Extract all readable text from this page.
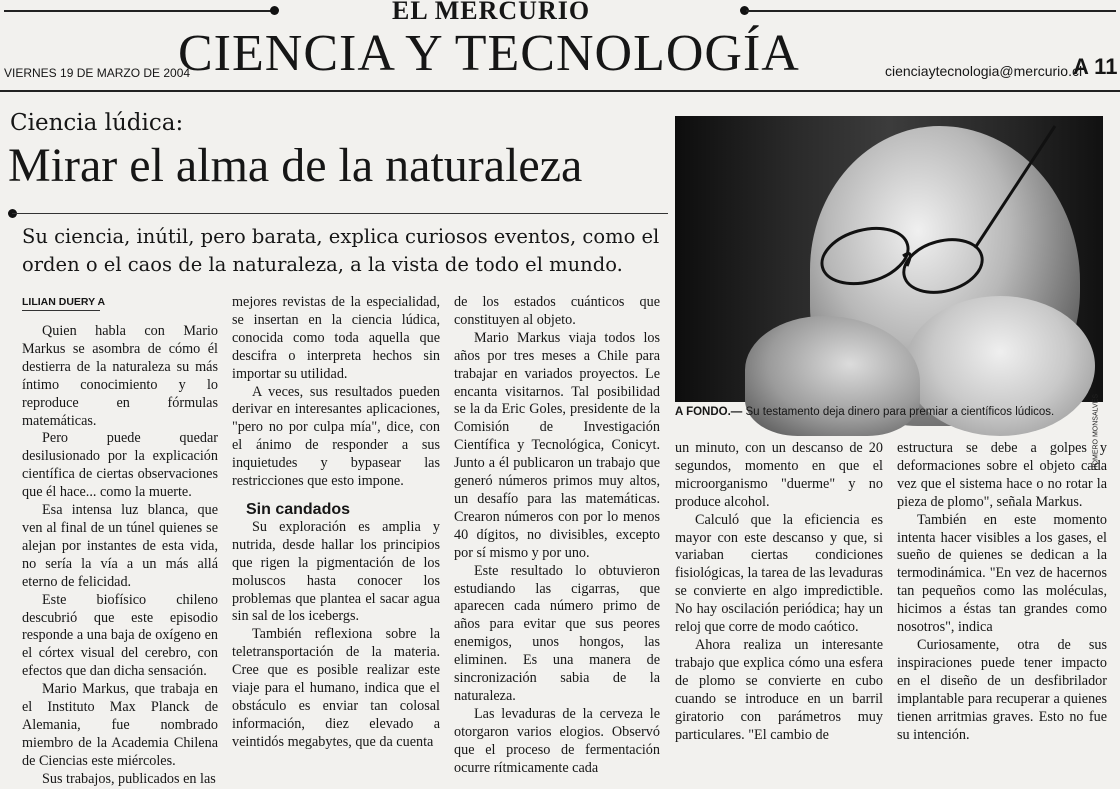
EL MERCURIO
CIENCIA Y TECNOLOGÍA
VIERNES 19 DE MARZO DE 2004	cienciaytecnologia@mercurio.cl
A 11
Ciencia lúdica:
Mirar el alma de la naturaleza
Su ciencia, inútil, pero barata, explica curiosos eventos, como el orden o el caos de la naturaleza, a la vista de todo el mundo.
HOMERO MONSALVES
A FONDO.— Su testamento deja dinero para premiar a científicos lúdicos.
LILIAN DUERY A

Quien habla con Mario Markus se asombra de cómo él destierra de la naturaleza su más íntimo conocimiento y lo reproduce en fórmulas matemáticas.

Pero puede quedar desilusionado por la explicación científica de ciertas observaciones que él hace... como la muerte.

Esa intensa luz blanca, que ven al final de un túnel quienes se alejan por instantes de esta vida, no sería la vía a un más allá eterno de felicidad.

Este biofísico chileno descubrió que este episodio responde a una baja de oxígeno en el córtex visual del cerebro, con efectos que dan dicha sensación.

Mario Markus, que trabaja en el Instituto Max Planck de Alemania, fue nombrado miembro de la Academia Chilena de Ciencias este miércoles.

Sus trabajos, publicados en las

mejores revistas de la especialidad, se insertan en la ciencia lúdica, conocida como toda aquella que descifra o interpreta hechos sin importar su utilidad.

A veces, sus resultados pueden derivar en interesantes aplicaciones, "pero no por culpa mía", dice, con el ánimo de responder a sus inquietudes y bypasear las restricciones que esto impone.

Sin candados

Su exploración es amplia y nutrida, desde hallar los principios que rigen la pigmentación de los moluscos hasta conocer los problemas que plantea el sacar agua sin sal de los icebergs.

También reflexiona sobre la teletransportación de la materia. Cree que es posible realizar este viaje para el humano, indica que el obstáculo es enviar tan colosal información, diez elevado a veintidós megabytes, que da cuenta

de los estados cuánticos que constituyen al objeto.

Mario Markus viaja todos los años por tres meses a Chile para trabajar en variados proyectos. Le encanta visitarnos. Tal posibilidad se la da Eric Goles, presidente de la Comisión de Investigación Científica y Tecnológica, Conicyt. Junto a él publicaron un trabajo que generó números primos muy altos, un desafío para las matemáticas. Crearon números con por lo menos 40 dígitos, no divisibles, excepto por sí mismo y por uno.

Este resultado lo obtuvieron estudiando las cigarras, que aparecen cada número primo de años para evitar que sus peores enemigos, unos hongos, las eliminen. Es una manera de sincronización sabia de la naturaleza.

Las levaduras de la cerveza le otorgaron varios elogios. Observó que el proceso de fermentación ocurre rítmicamente cada

un minuto, con un descanso de 20 segundos, momento en que el microorganismo "duerme" y no produce alcohol.

Calculó que la eficiencia es mayor con este descanso y que, si variaban ciertas condiciones fisiológicas, la tarea de las levaduras se convierte en algo impredictible. No hay oscilación periódica; hay un reloj que corre de modo caótico.

Ahora realiza un interesante trabajo que explica cómo una esfera de plomo se convierte en cubo cuando se introduce en un barril giratorio con parámetros muy particulares. "El cambio de

estructura se debe a golpes y deformaciones sobre el objeto cada vez que el sistema hace o no rotar la pieza de plomo", señala Markus.

También en este momento intenta hacer visibles a los gases, el sueño de quienes se dedican a la termodinámica. "En vez de hacernos tan pequeños como las moléculas, hicimos a éstas tan grandes como nosotros", indica

Curiosamente, otra de sus inspiraciones puede tener impacto en el diseño de un desfibrilador implantable para recuperar a quienes tienen arritmias graves. Esto no fue su intención.
